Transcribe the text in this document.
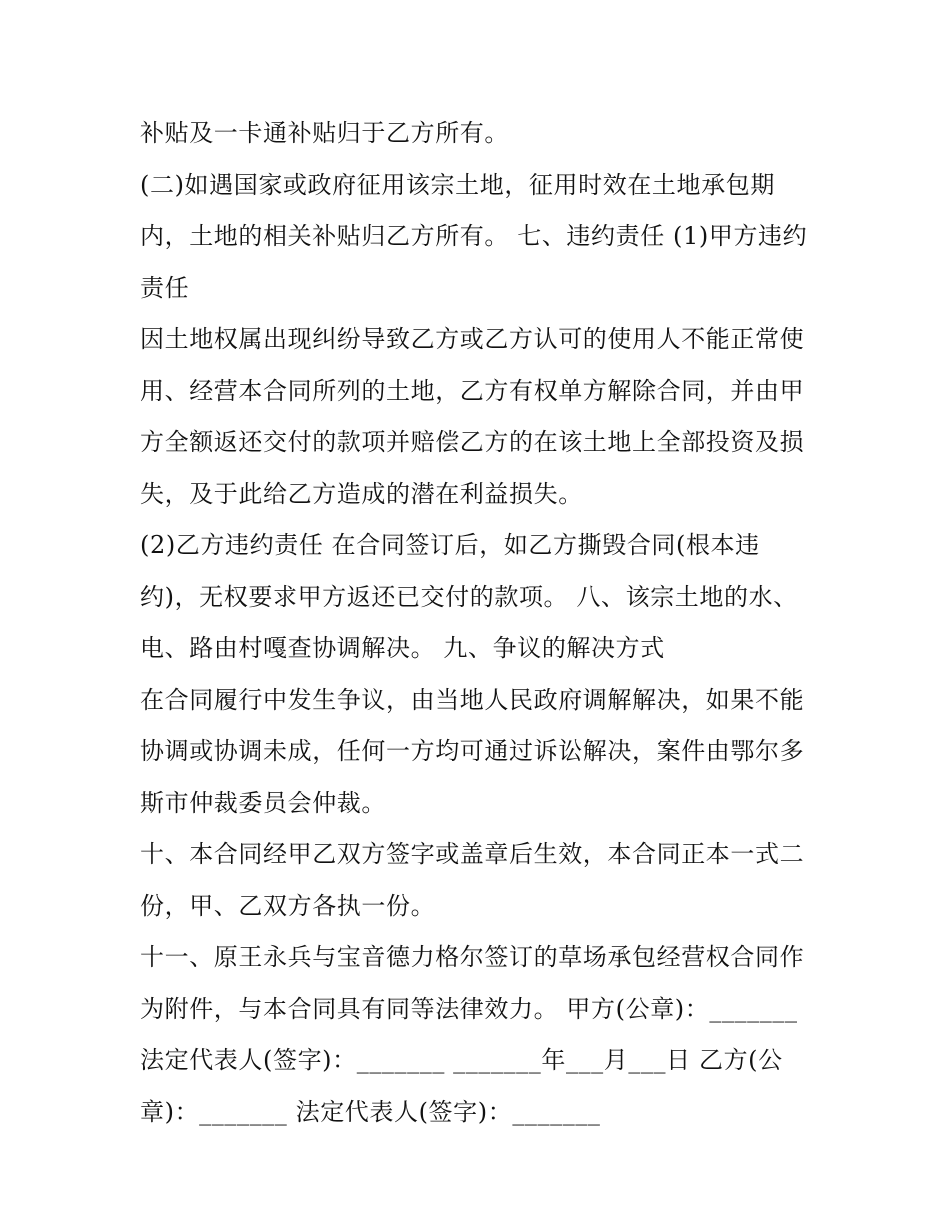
补贴及一卡通补贴归于乙方所有。
(二)如遇国家或政府征用该宗土地，征用时效在土地承包期
内，土地的相关补贴归乙方所有。 七、违约责任 (1)甲方违约
责任
因土地权属出现纠纷导致乙方或乙方认可的使用人不能正常使
用、经营本合同所列的土地，乙方有权单方解除合同，并由甲
方全额返还交付的款项并赔偿乙方的在该土地上全部投资及损
失，及于此给乙方造成的潜在利益损失。
(2)乙方违约责任 在合同签订后，如乙方撕毁合同(根本违
约)，无权要求甲方返还已交付的款项。 八、该宗土地的水、
电、路由村嘎查协调解决。 九、争议的解决方式
在合同履行中发生争议，由当地人民政府调解解决，如果不能
协调或协调未成，任何一方均可通过诉讼解决，案件由鄂尔多
斯市仲裁委员会仲裁。
十、本合同经甲乙双方签字或盖章后生效，本合同正本一式二
份，甲、乙双方各执一份。
十一、原王永兵与宝音德力格尔签订的草场承包经营权合同作
为附件，与本合同具有同等法律效力。 甲方(公章)：_______
法定代表人(签字)：_______ _______年___月___日 乙方(公
章)：_______ 法定代表人(签字)：_______
